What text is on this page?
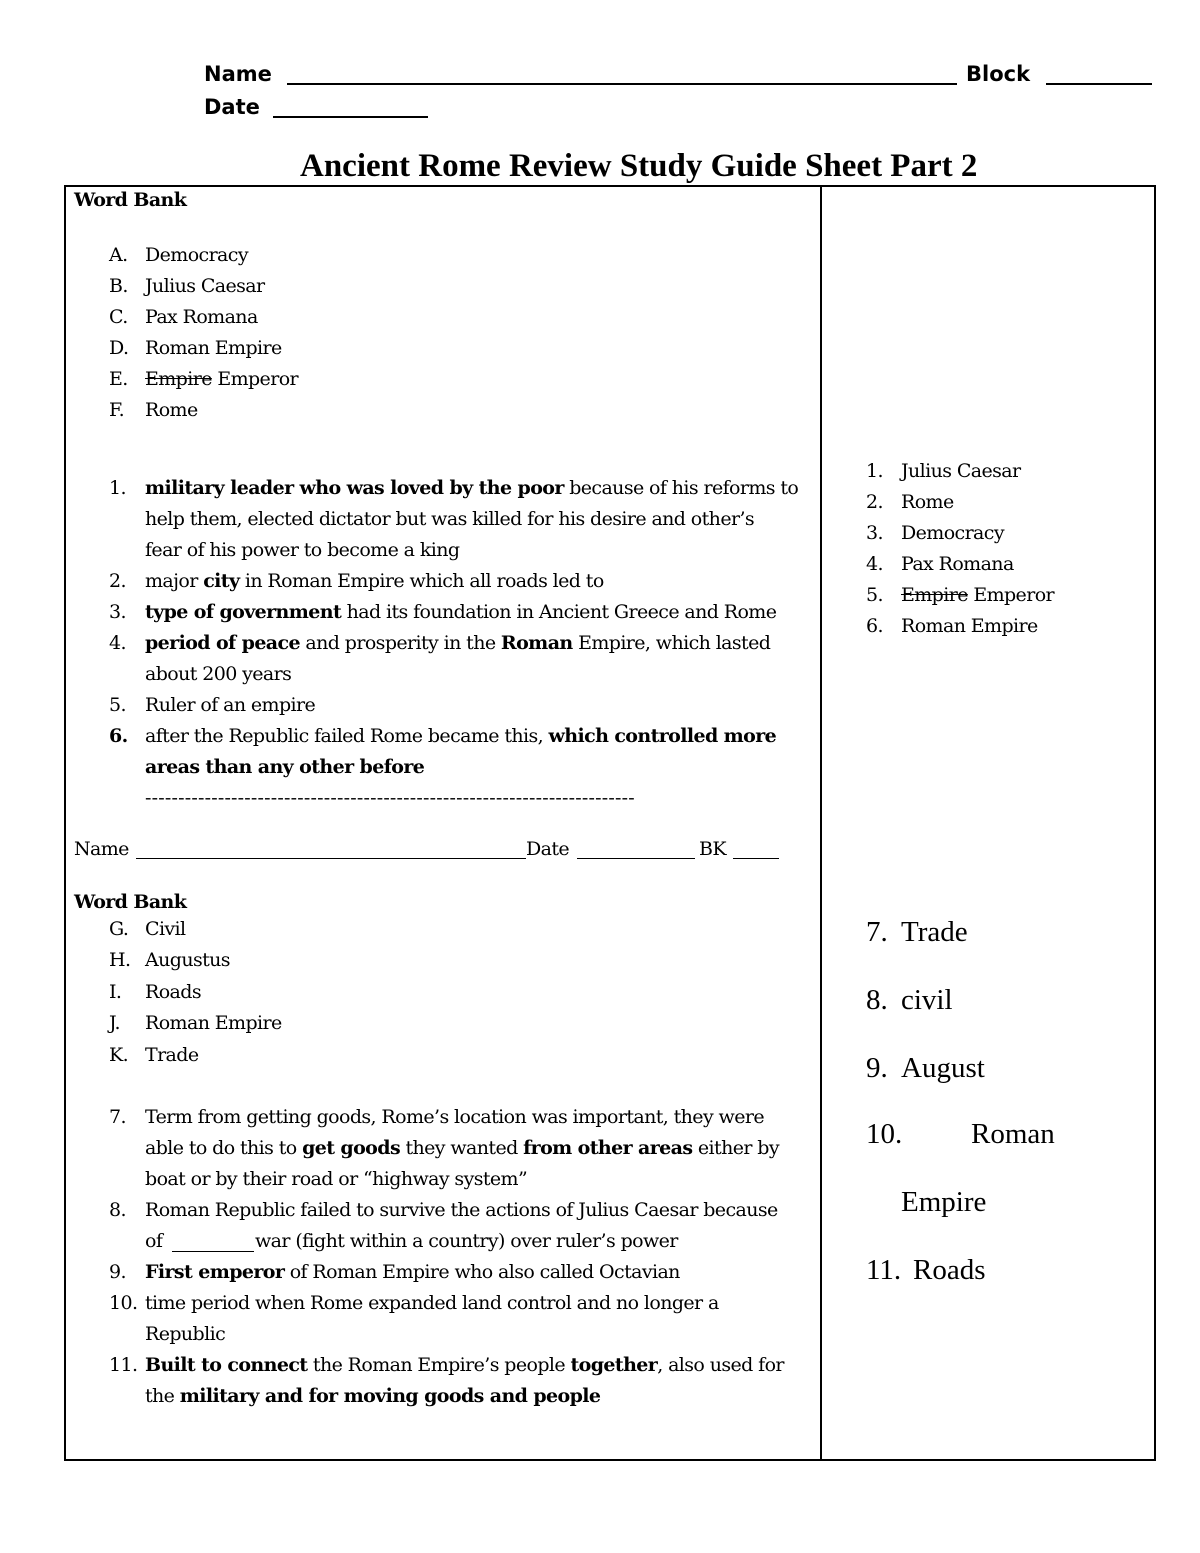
Name	Block
Date
Ancient Rome Review Study Guide Sheet Part 2
Word Bank
A. Democracy
B. Julius Caesar
C. Pax Romana
D. Roman Empire
E. Empire Emperor
F. Rome
1. military leader who was loved by the poor because of his reforms to
help them, elected dictator but was killed for his desire and other’s
fear of his power to become a king
2. major city in Roman Empire which all roads led to
3. type of government had its foundation in Ancient Greece and Rome
4. period of peace and prosperity in the Roman Empire, which lasted
about 200 years
5. Ruler of an empire
6. after the Republic failed Rome became this, which controlled more
areas than any other before
--------------------------------------------------------------------------
1. Julius Caesar
2. Rome
3. Democracy
4. Pax Romana
5. Empire Emperor
6. Roman Empire
Name	Date	BK
Word Bank
G. Civil
H. Augustus
I. Roads
J. Roman Empire
K. Trade
7. Term from getting goods, Rome’s location was important, they were
able to do this to get goods they wanted from other areas either by
boat or by their road or “highway system”
8. Roman Republic failed to survive the actions of Julius Caesar because
of	war (fight within a country) over ruler’s power
9. First emperor of Roman Empire who also called Octavian
10. time period when Rome expanded land control and no longer a
Republic
11. Built to connect the Roman Empire’s people together, also used for
the military and for moving goods and people
7. Trade
8. civil
9. August
10. Roman
Empire
11. Roads
